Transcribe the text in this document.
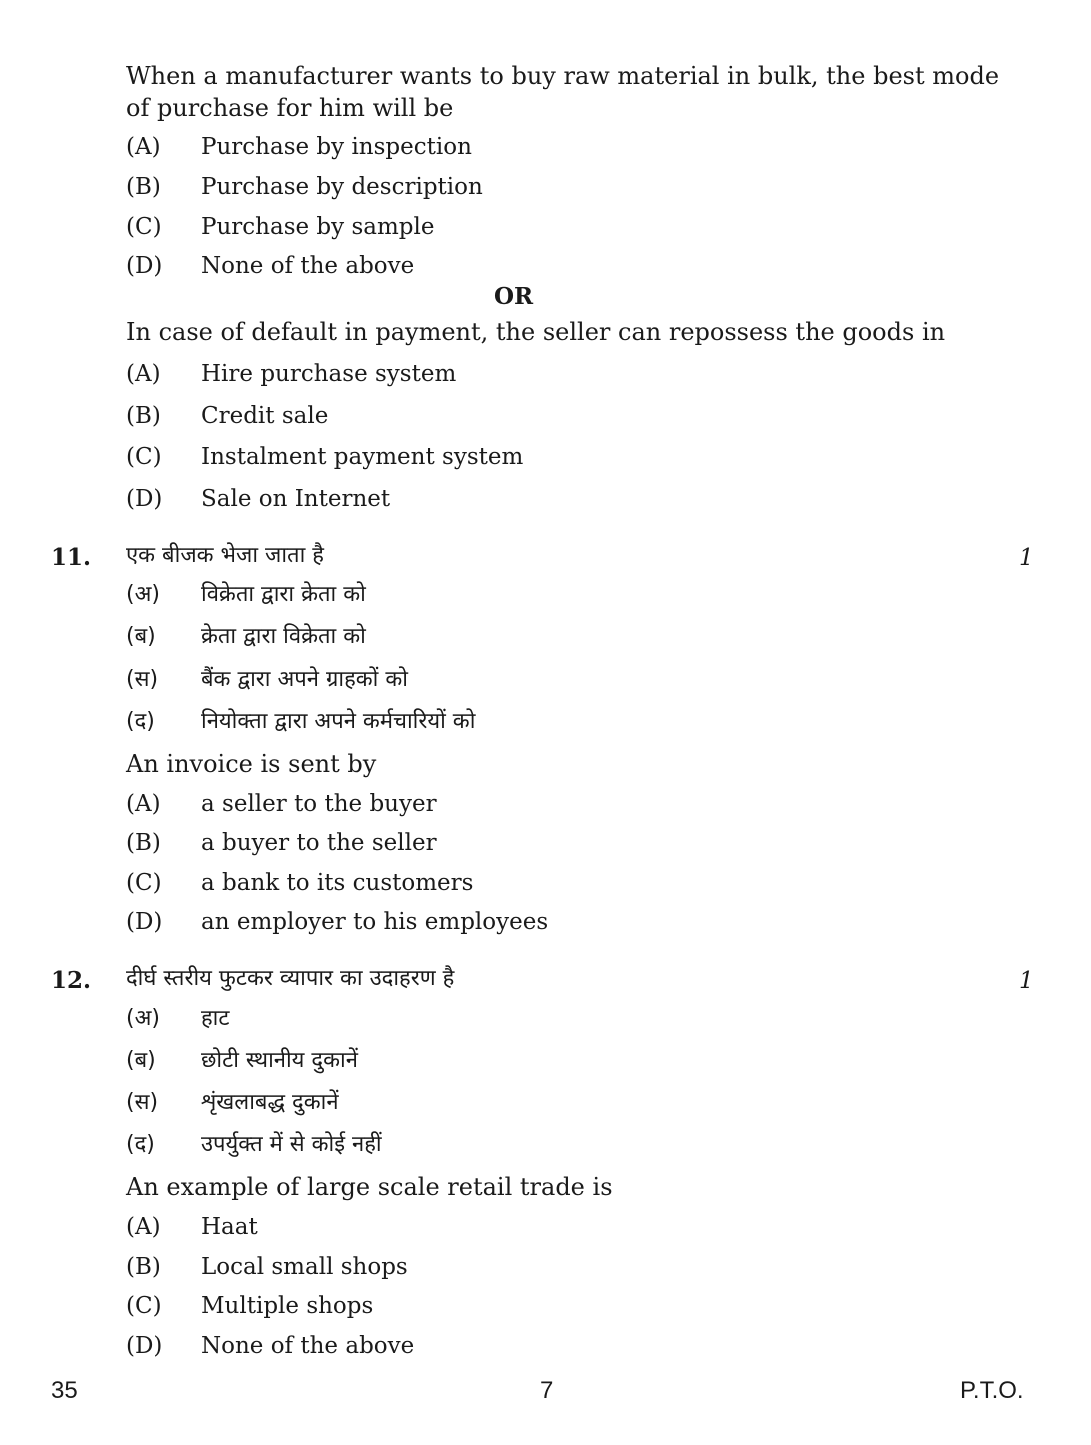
When a manufacturer wants to buy raw material in bulk, the best mode
of purchase for him will be
(A) Purchase by inspection
(B) Purchase by description
(C) Purchase by sample
(D) None of the above
OR
In case of default in payment, the seller can repossess the goods in
(A) Hire purchase system
(B) Credit sale
(C) Instalment payment system
(D) Sale on Internet
11. एक बीजक भेजा जाता है	1
(अ) विक्रेता द्वारा क्रेता को
(ब) क्रेता द्वारा विक्रेता को
(स) बैंक द्वारा अपने ग्राहकों को
(द) नियोक्ता द्वारा अपने कर्मचारियों को
An invoice is sent by
(A) a seller to the buyer
(B) a buyer to the seller
(C) a bank to its customers
(D) an employer to his employees
12. दीर्घ स्तरीय फुटकर व्यापार का उदाहरण है	1
(अ) हाट
(ब) छोटी स्थानीय दुकानें
(स) शृंखलाबद्ध दुकानें
(द) उपर्युक्त में से कोई नहीं
An example of large scale retail trade is
(A) Haat
(B) Local small shops
(C) Multiple shops
(D) None of the above
35	7	P.T.O.
